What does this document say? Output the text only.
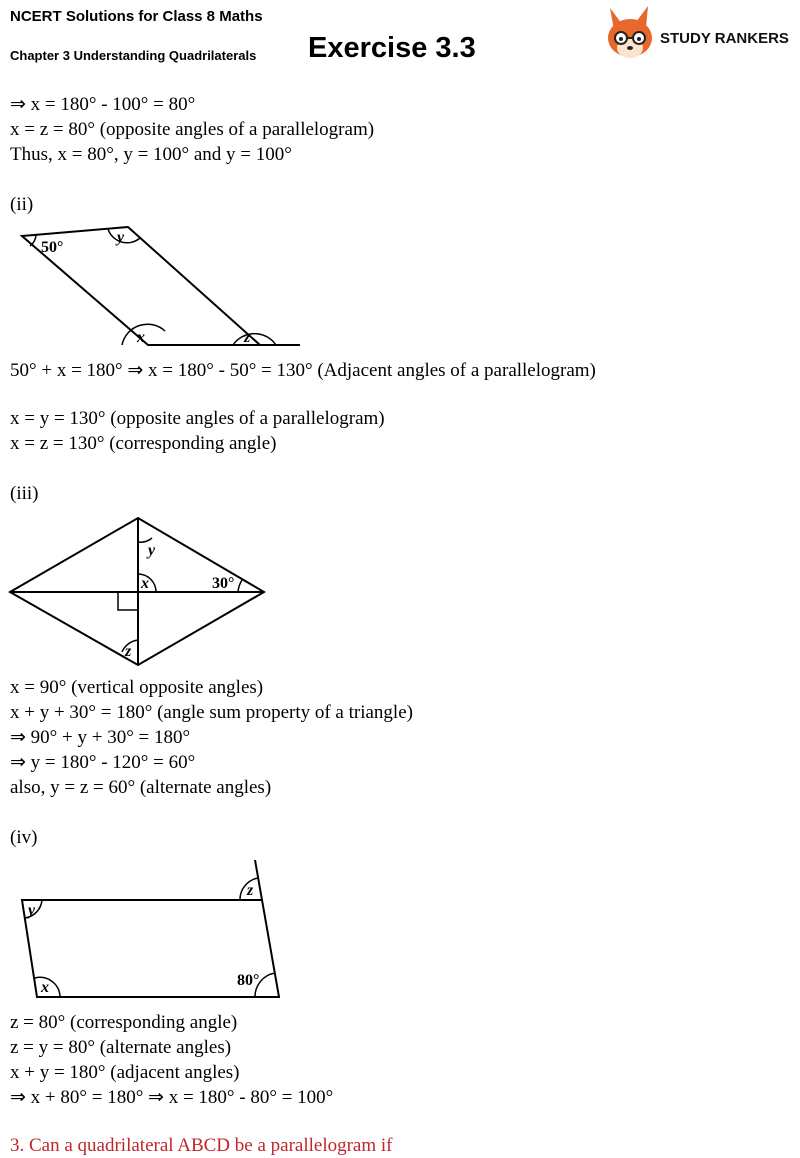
NCERT Solutions for Class 8 Maths
Chapter 3 Understanding Quadrilaterals Exercise 3.3	STUDY RANKERS
⇒ x = 180° - 100° = 80°
x = z = 80° (opposite angles of a parallelogram)
Thus, x = 80°, y = 100° and y = 100°
(ii)
50°
y
x	z
50° + x = 180° ⇒ x = 180° - 50° = 130° (Adjacent angles of a parallelogram)
x = y = 130° (opposite angles of a parallelogram)
x = z = 130° (corresponding angle)
(iii)
y
x	30°
z
x = 90° (vertical opposite angles)
x + y + 30° = 180° (angle sum property of a triangle)
⇒ 90° + y + 30° = 180°
⇒ y = 180° - 120° = 60°
also, y = z = 60° (alternate angles)
(iv)
y
z
x	80°
z = 80° (corresponding angle)
z = y = 80° (alternate angles)
x + y = 180° (adjacent angles)
⇒ x + 80° = 180° ⇒ x = 180° - 80° = 100°
3. Can a quadrilateral ABCD be a parallelogram if
